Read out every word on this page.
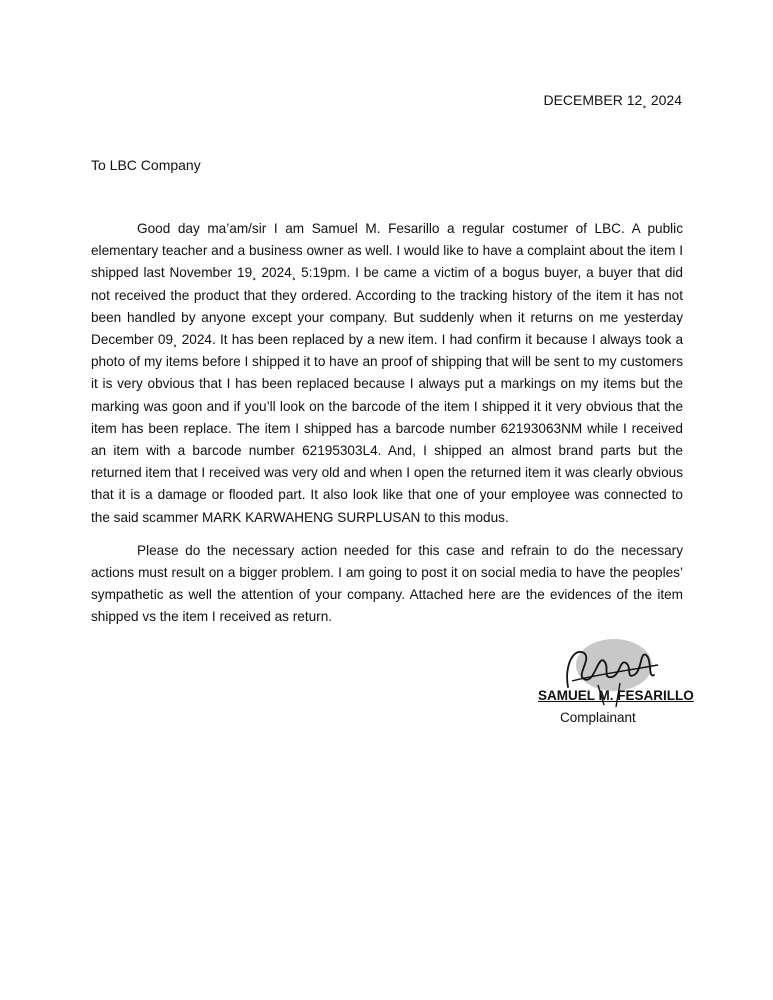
DECEMBER 12¸ 2024
To LBC Company

Good day ma’am/sir I am Samuel M. Fesarillo a regular costumer of LBC. A public elementary teacher and a business owner as well. I would like to have a complaint about the item I shipped last November 19¸ 2024¸ 5:19pm. I be came a victim of a bogus buyer, a buyer that did not received the product that they ordered. According to the tracking history of the item it has not been handled by anyone except your company. But suddenly when it returns on me yesterday December 09¸ 2024. It has been replaced by a new item. I had confirm it because I always took a photo of my items before I shipped it to have an proof of shipping that will be sent to my customers it is very obvious that I has been replaced because I always put a markings on my items but the marking was goon and if you’ll look on the barcode of the item I shipped it it very obvious that the item has been replace. The item I shipped has a barcode number 62193063NM while I received an item with a barcode number 62195303L4. And, I shipped an almost brand parts but the returned item that I received was very old and when I open the returned item it was clearly obvious that it is a damage or flooded part. It also look like that one of your employee was connected to the said scammer MARK KARWAHENG SURPLUSAN to this modus.

Please do the necessary action needed for this case and refrain to do the necessary actions must result on a bigger problem. I am going to post it on social media to have the peoples’ sympathetic as well the attention of your company. Attached here are the evidences of the item shipped vs the item I received as return.

SAMUEL M. FESARILLO
Complainant
